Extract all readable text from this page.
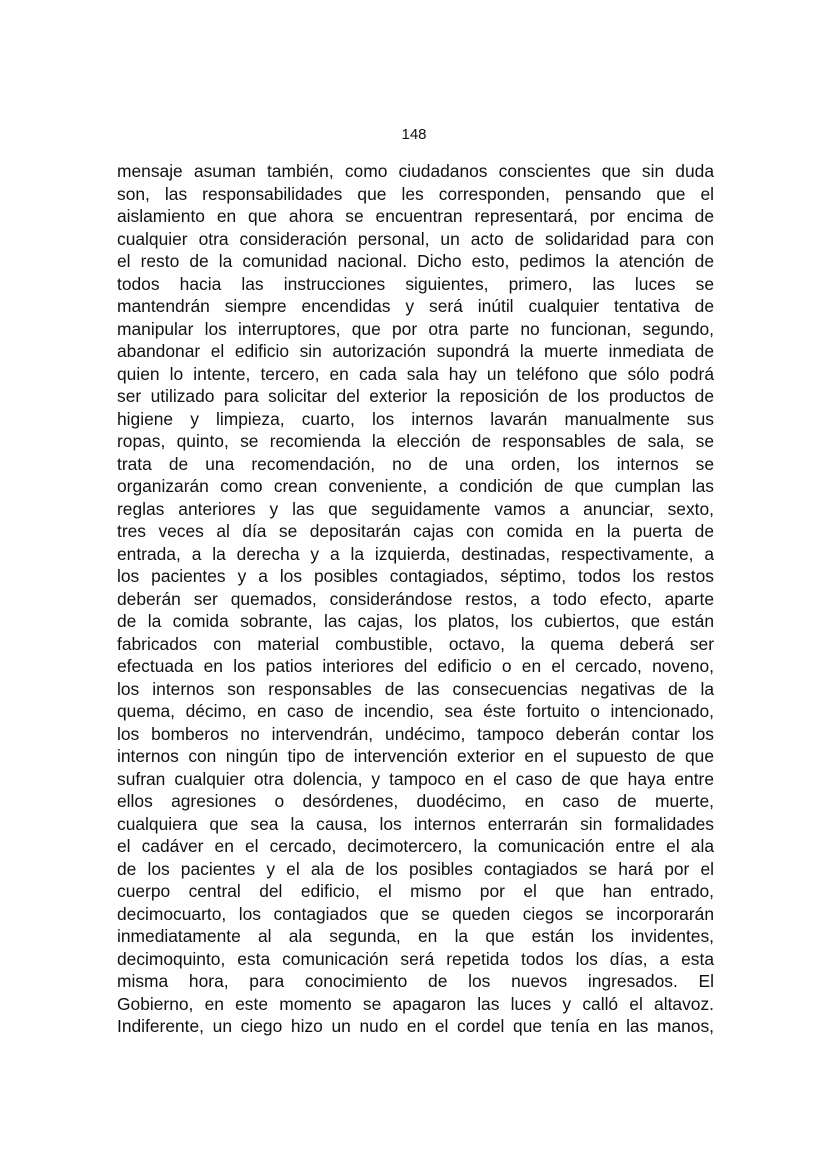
148
mensaje asuman también, como ciudadanos conscientes que sin duda
son, las responsabilidades que les corresponden, pensando que el
aislamiento en que ahora se encuentran representará, por encima de
cualquier otra consideración personal, un acto de solidaridad para con
el resto de la comunidad nacional. Dicho esto, pedimos la atención de
todos hacia las instrucciones siguientes, primero, las luces se
mantendrán siempre encendidas y será inútil cualquier tentativa de
manipular los interruptores, que por otra parte no funcionan, segundo,
abandonar el edificio sin autorización supondrá la muerte inmediata de
quien lo intente, tercero, en cada sala hay un teléfono que sólo podrá
ser utilizado para solicitar del exterior la reposición de los productos de
higiene y limpieza, cuarto, los internos lavarán manualmente sus
ropas, quinto, se recomienda la elección de responsables de sala, se
trata de una recomendación, no de una orden, los internos se
organizarán como crean conveniente, a condición de que cumplan las
reglas anteriores y las que seguidamente vamos a anunciar, sexto,
tres veces al día se depositarán cajas con comida en la puerta de
entrada, a la derecha y a la izquierda, destinadas, respectivamente, a
los pacientes y a los posibles contagiados, séptimo, todos los restos
deberán ser quemados, considerándose restos, a todo efecto, aparte
de la comida sobrante, las cajas, los platos, los cubiertos, que están
fabricados con material combustible, octavo, la quema deberá ser
efectuada en los patios interiores del edificio o en el cercado, noveno,
los internos son responsables de las consecuencias negativas de la
quema, décimo, en caso de incendio, sea éste fortuito o intencionado,
los bomberos no intervendrán, undécimo, tampoco deberán contar los
internos con ningún tipo de intervención exterior en el supuesto de que
sufran cualquier otra dolencia, y tampoco en el caso de que haya entre
ellos agresiones o desórdenes, duodécimo, en caso de muerte,
cualquiera que sea la causa, los internos enterrarán sin formalidades
el cadáver en el cercado, decimotercero, la comunicación entre el ala
de los pacientes y el ala de los posibles contagiados se hará por el
cuerpo central del edificio, el mismo por el que han entrado,
decimocuarto, los contagiados que se queden ciegos se incorporarán
inmediatamente al ala segunda, en la que están los invidentes,
decimoquinto, esta comunicación será repetida todos los días, a esta
misma hora, para conocimiento de los nuevos ingresados. El
Gobierno, en este momento se apagaron las luces y calló el altavoz.
Indiferente, un ciego hizo un nudo en el cordel que tenía en las manos,
